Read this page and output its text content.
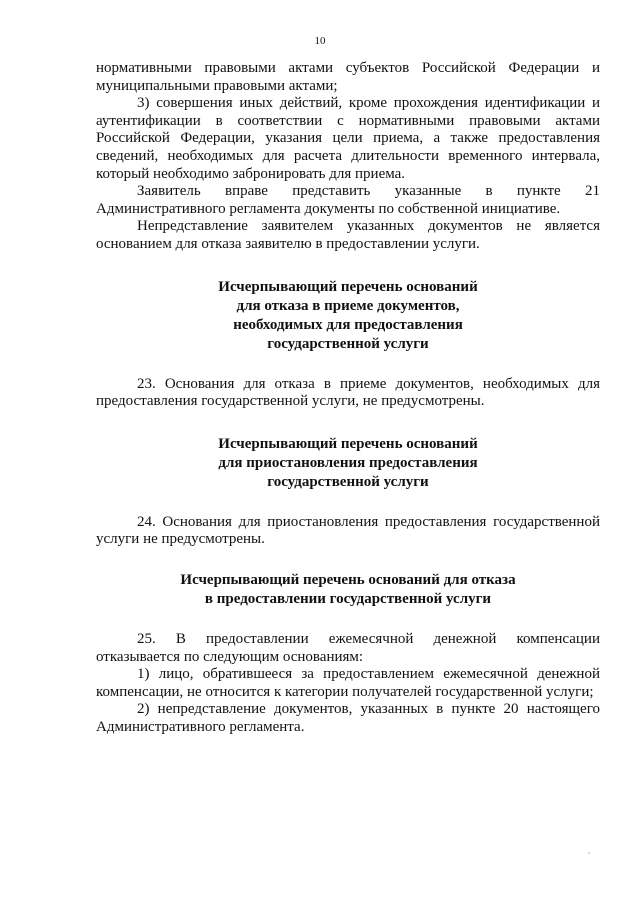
10

нормативными правовыми актами субъектов Российской Федерации и муниципальными правовыми актами;

3) совершения иных действий, кроме прохождения идентификации и аутентификации в соответствии с нормативными правовыми актами Российской Федерации, указания цели приема, а также предоставления сведений, необходимых для расчета длительности временного интервала, который необходимо забронировать для приема.

Заявитель вправе представить указанные в пункте 21 Административного регламента документы по собственной инициативе.

Непредставление заявителем указанных документов не является основанием для отказа заявителю в предоставлении услуги.

Исчерпывающий перечень оснований
для отказа в приеме документов,
необходимых для предоставления
государственной услуги

23. Основания для отказа в приеме документов, необходимых для предоставления государственной услуги, не предусмотрены.

Исчерпывающий перечень оснований
для приостановления предоставления
государственной услуги

24. Основания для приостановления предоставления государственной услуги не предусмотрены.

Исчерпывающий перечень оснований для отказа
в предоставлении государственной услуги

25. В предоставлении ежемесячной денежной компенсации отказывается по следующим основаниям:

1) лицо, обратившееся за предоставлением ежемесячной денежной компенсации, не относится к категории получателей государственной услуги;

2) непредставление документов, указанных в пункте 20 настоящего Административного регламента.
